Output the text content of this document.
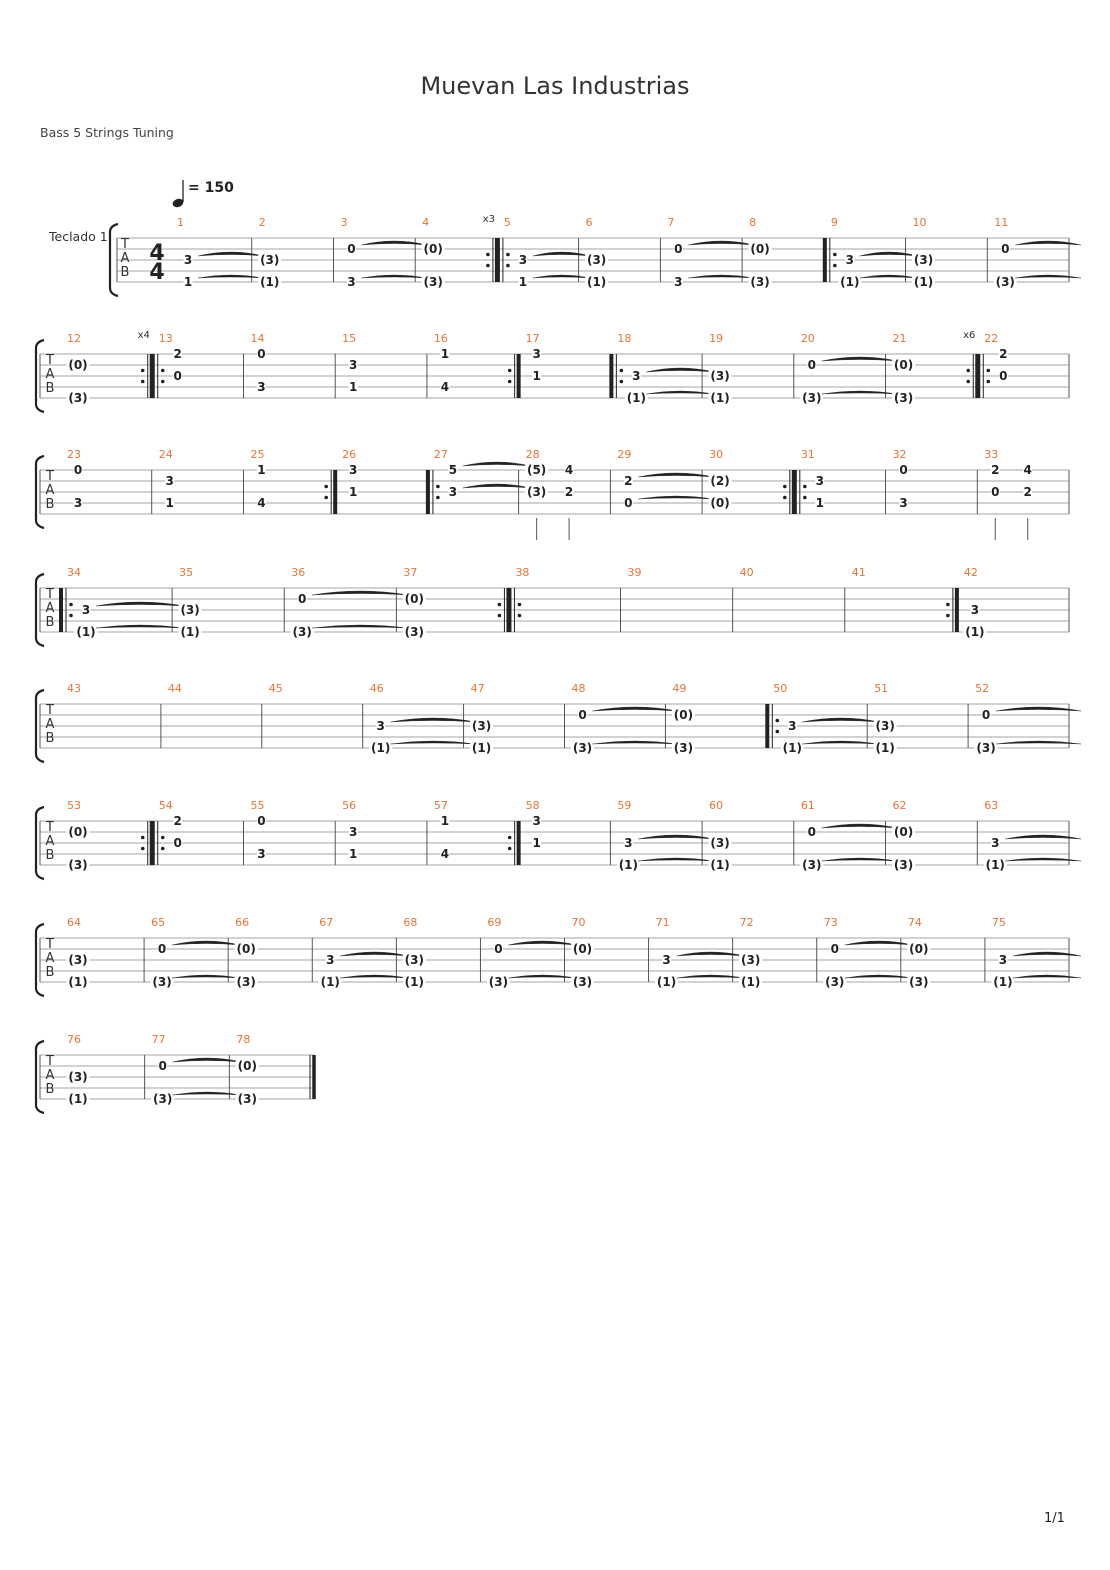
Muevan Las Industrias
Bass 5 Strings Tuning
= 150
Teclado 1
T
A
B
4
4
1
3
1
2
(3)
(1)
3
0
3
4	x3
(0)
(3)
5
3
1
6
(3)
(1)
7
0
3
8
(0)
(3)
9
3
(1)
10
(3)
(1)
11
0
(3)
T
A
B
12	x4
(0)
(3)
13
2
0
14
0
3
15
3
1
16
1
4
17
3
1
18
3
(1)
19
(3)
(1)
20
0
(3)
21	x6
(0)
(3)
22
2
0
T
A
B
23
0
3
24
3
1
25
1
4
26
3
1
27
5
3
28
(5)
(3)
4
2
29
2
0
30
(2)
(0)
31
3
1
32
0
3
33
2
0
4
2
T
A
B
34
3
(1)
35
(3)
(1)
36
0
(3)
37
(0)
(3)
38	39	40	41	42
3
(1)
T
A
B
43	44	45	46
3
(1)
47
(3)
(1)
48
0
(3)
49
(0)
(3)
50
3
(1)
51
(3)
(1)
52
0
(3)
T
A
B
53
(0)
(3)
54
2
0
55
0
3
56
3
1
57
1
4
58
3
1
59
3
(1)
60
(3)
(1)
61
0
(3)
62
(0)
(3)
63
3
(1)
T
A
B
64
(3)
(1)
65
0
(3)
66
(0)
(3)
67
3
(1)
68
(3)
(1)
69
0
(3)
70
(0)
(3)
71
3
(1)
72
(3)
(1)
73
0
(3)
74
(0)
(3)
75
3
(1)
T
A
B
76
(3)
(1)
77
0
(3)
78
(0)
(3)
1/1
